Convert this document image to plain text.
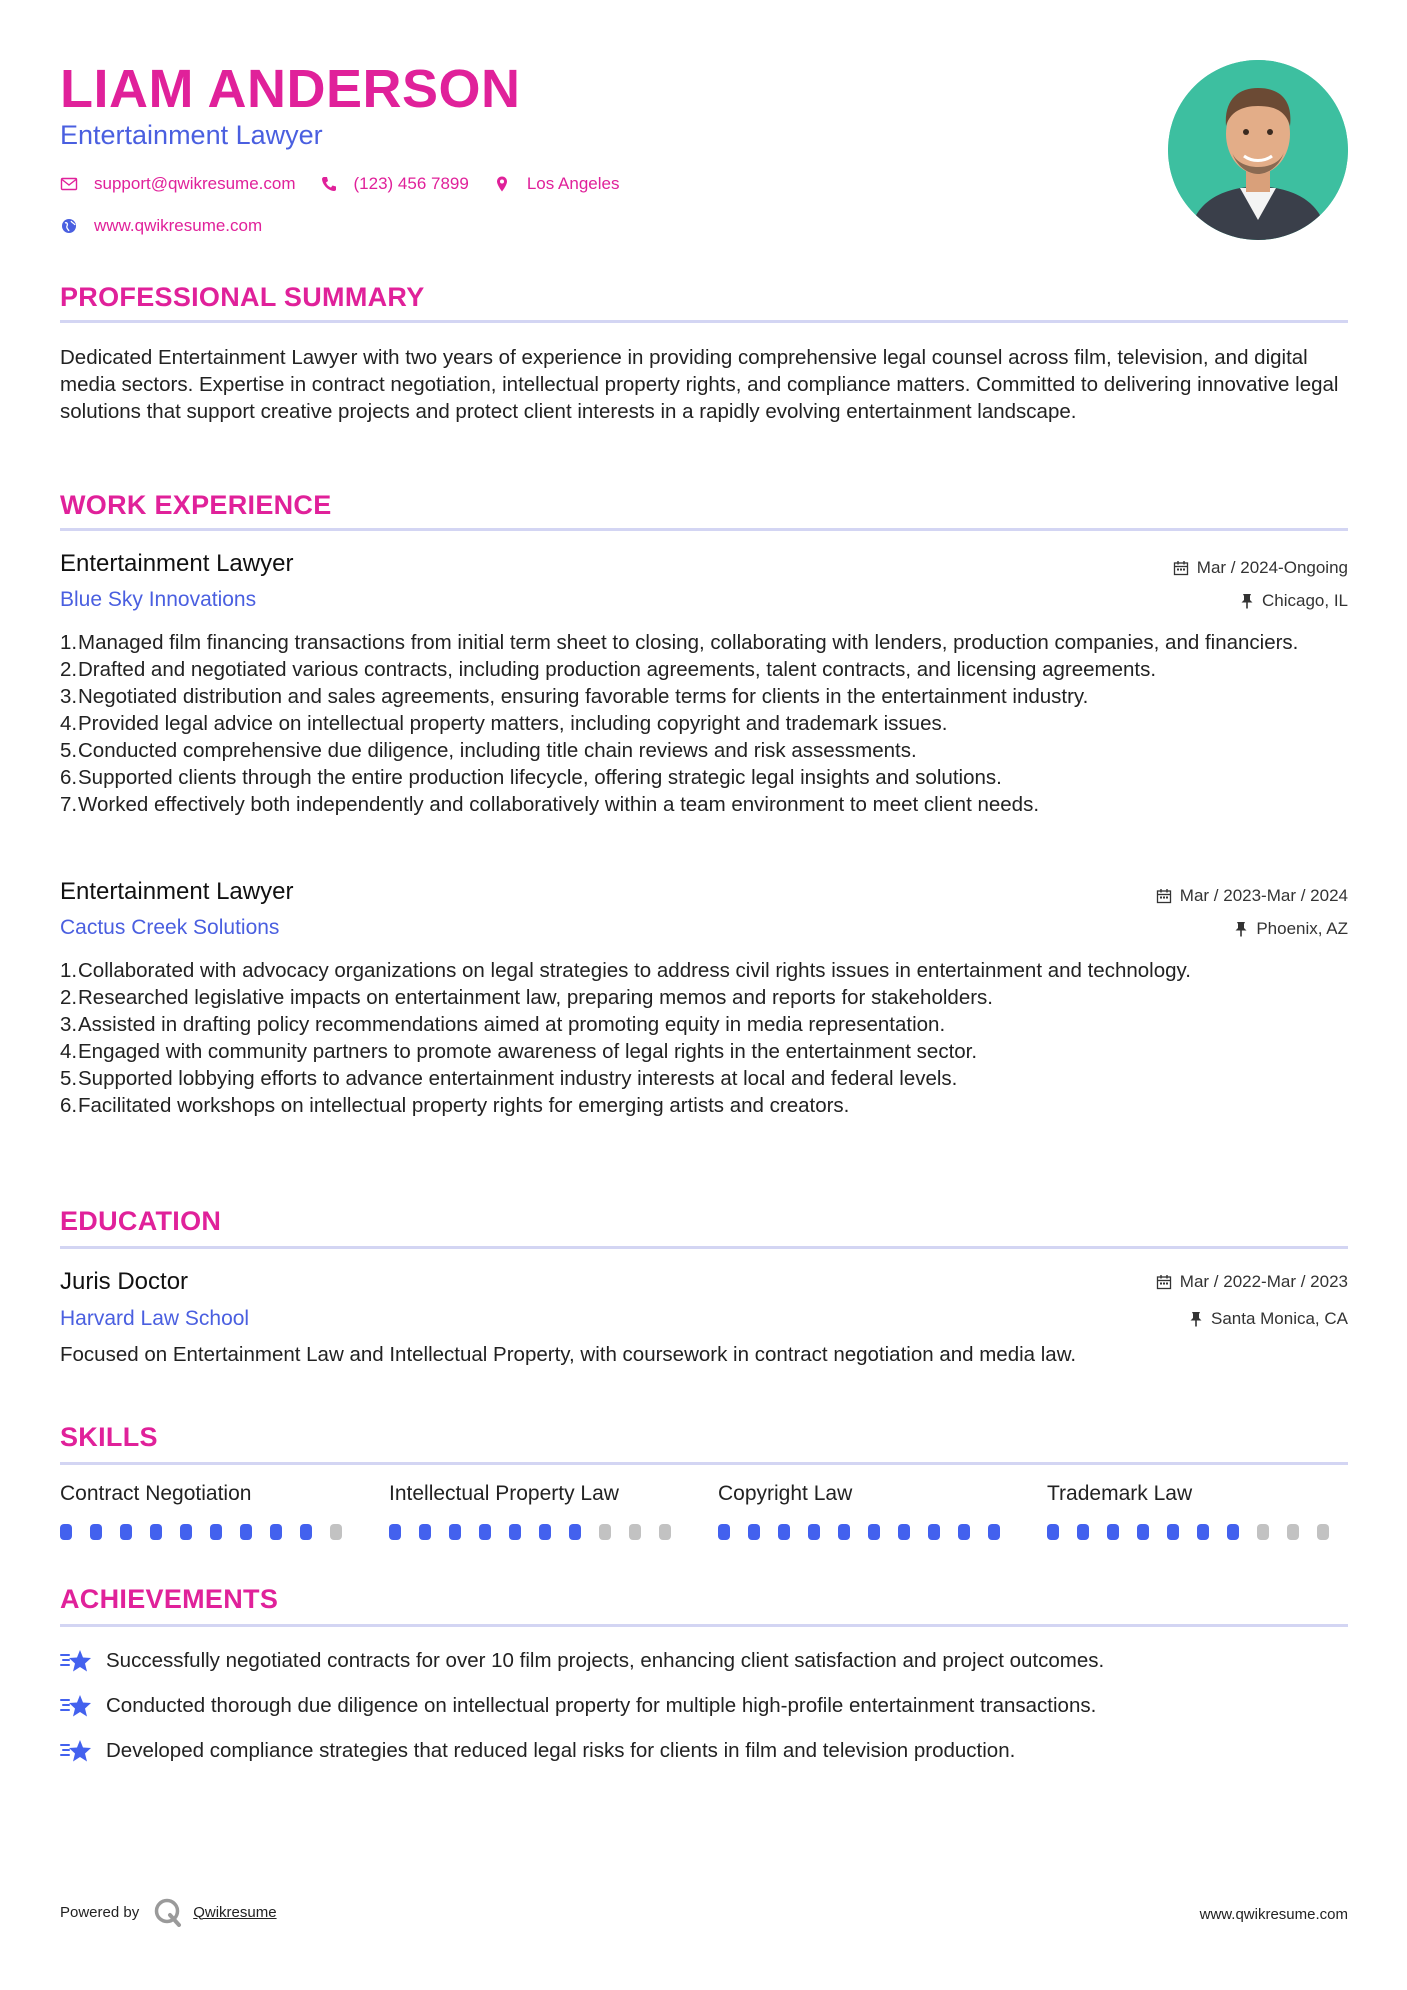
LIAM ANDERSON
Entertainment Lawyer
support@qwikresume.com	(123) 456 7899	Los Angeles
www.qwikresume.com
PROFESSIONAL SUMMARY
Dedicated Entertainment Lawyer with two years of experience in providing comprehensive legal counsel across film, television, and digital media sectors. Expertise in contract negotiation, intellectual property rights, and compliance matters. Committed to delivering innovative legal solutions that support creative projects and protect client interests in a rapidly evolving entertainment landscape.
WORK EXPERIENCE
Entertainment Lawyer	Mar / 2024-Ongoing
Blue Sky Innovations	Chicago, IL
1. Managed film financing transactions from initial term sheet to closing, collaborating with lenders, production companies, and financiers.
2. Drafted and negotiated various contracts, including production agreements, talent contracts, and licensing agreements.
3. Negotiated distribution and sales agreements, ensuring favorable terms for clients in the entertainment industry.
4. Provided legal advice on intellectual property matters, including copyright and trademark issues.
5. Conducted comprehensive due diligence, including title chain reviews and risk assessments.
6. Supported clients through the entire production lifecycle, offering strategic legal insights and solutions.
7. Worked effectively both independently and collaboratively within a team environment to meet client needs.
Entertainment Lawyer	Mar / 2023-Mar / 2024
Cactus Creek Solutions	Phoenix, AZ
1. Collaborated with advocacy organizations on legal strategies to address civil rights issues in entertainment and technology.
2. Researched legislative impacts on entertainment law, preparing memos and reports for stakeholders.
3. Assisted in drafting policy recommendations aimed at promoting equity in media representation.
4. Engaged with community partners to promote awareness of legal rights in the entertainment sector.
5. Supported lobbying efforts to advance entertainment industry interests at local and federal levels.
6. Facilitated workshops on intellectual property rights for emerging artists and creators.
EDUCATION
Juris Doctor	Mar / 2022-Mar / 2023
Harvard Law School	Santa Monica, CA
Focused on Entertainment Law and Intellectual Property, with coursework in contract negotiation and media law.
SKILLS
Contract Negotiation	Intellectual Property Law	Copyright Law	Trademark Law
ACHIEVEMENTS
Successfully negotiated contracts for over 10 film projects, enhancing client satisfaction and project outcomes.
Conducted thorough due diligence on intellectual property for multiple high-profile entertainment transactions.
Developed compliance strategies that reduced legal risks for clients in film and television production.
Powered by	Qwikresume	www.qwikresume.com
